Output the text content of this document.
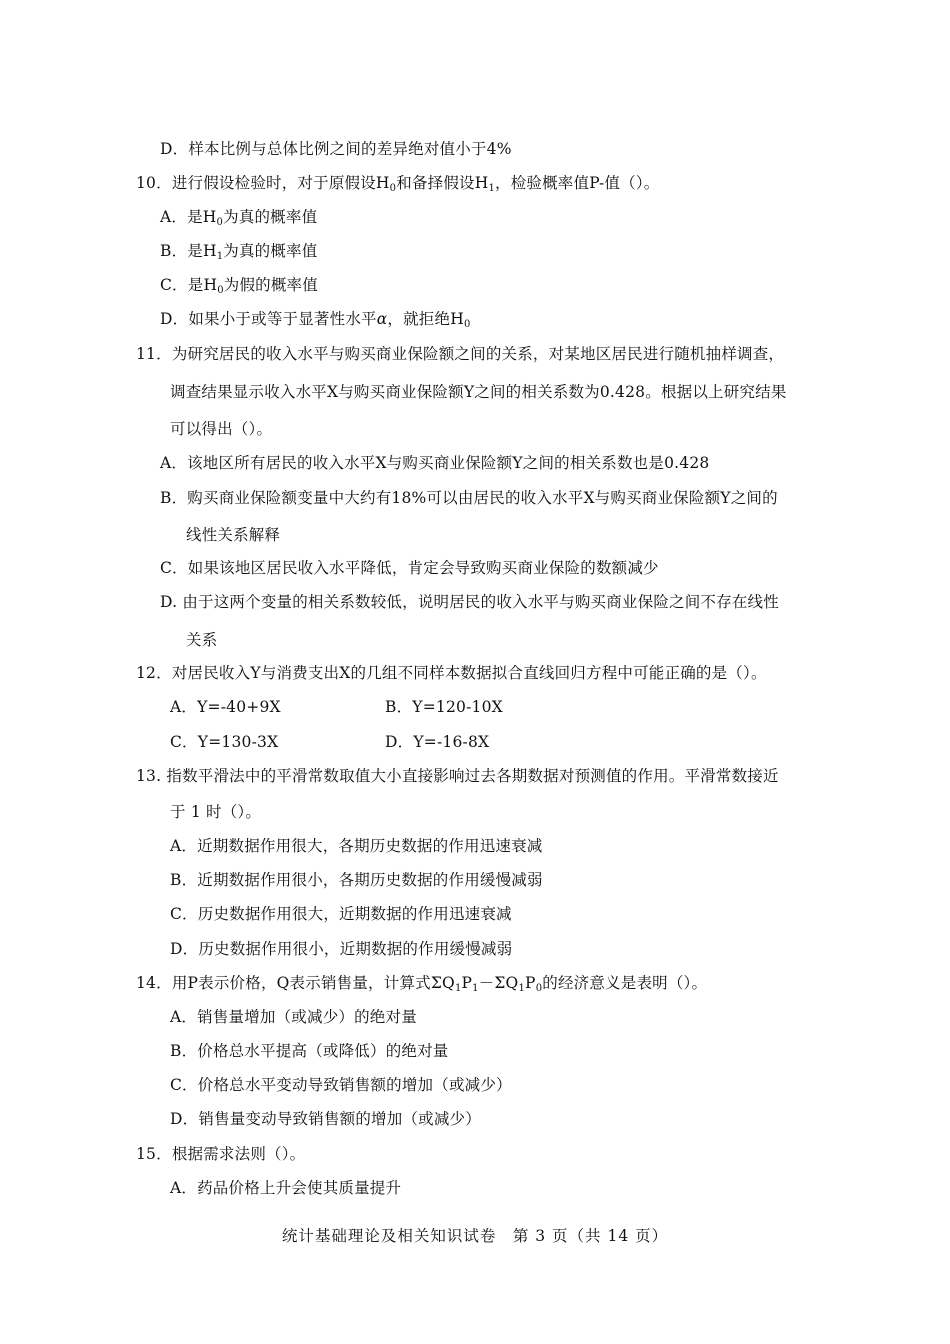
D．样本比例与总体比例之间的差异绝对值小于4%
10．进行假设检验时，对于原假设$H_0$和备择假设$H_1$，检验概率值P-值（）。
A．是$H_0$为真的概率值
B．是$H_1$为真的概率值
C．是$H_0$为假的概率值
D．如果小于或等于显著性水平α，就拒绝$H_0$
11．为研究居民的收入水平与购买商业保险额之间的关系，对某地区居民进行随机抽样调查，
调查结果显示收入水平X与购买商业保险额Y之间的相关系数为0.428。根据以上研究结果
可以得出（）。
A．该地区所有居民的收入水平X与购买商业保险额Y之间的相关系数也是0.428
B．购买商业保险额变量中大约有18%可以由居民的收入水平X与购买商业保险额Y之间的
线性关系解释
C．如果该地区居民收入水平降低，肯定会导致购买商业保险的数额减少
D. 由于这两个变量的相关系数较低，说明居民的收入水平与购买商业保险之间不存在线性
关系
12．对居民收入Y与消费支出X的几组不同样本数据拟合直线回归方程中可能正确的是（）。
A．Y=-40+9X	B．Y=120-10X
C．Y=130-3X	D．Y=-16-8X
13. 指数平滑法中的平滑常数取值大小直接影响过去各期数据对预测值的作用。平滑常数接近
于 1 时（）。
A．近期数据作用很大，各期历史数据的作用迅速衰减
B．近期数据作用很小，各期历史数据的作用缓慢减弱
C．历史数据作用很大，近期数据的作用迅速衰减
D．历史数据作用很小，近期数据的作用缓慢减弱
14．用P表示价格，Q表示销售量，计算式$\Sigma Q_1P_1-\Sigma Q_1P_0$的经济意义是表明（）。
A．销售量增加（或减少）的绝对量
B．价格总水平提高（或降低）的绝对量
C．价格总水平变动导致销售额的增加（或减少）
D．销售量变动导致销售额的增加（或减少）
15．根据需求法则（）。
A．药品价格上升会使其质量提升
统计基础理论及相关知识试卷　第 3 页（共 14 页）
